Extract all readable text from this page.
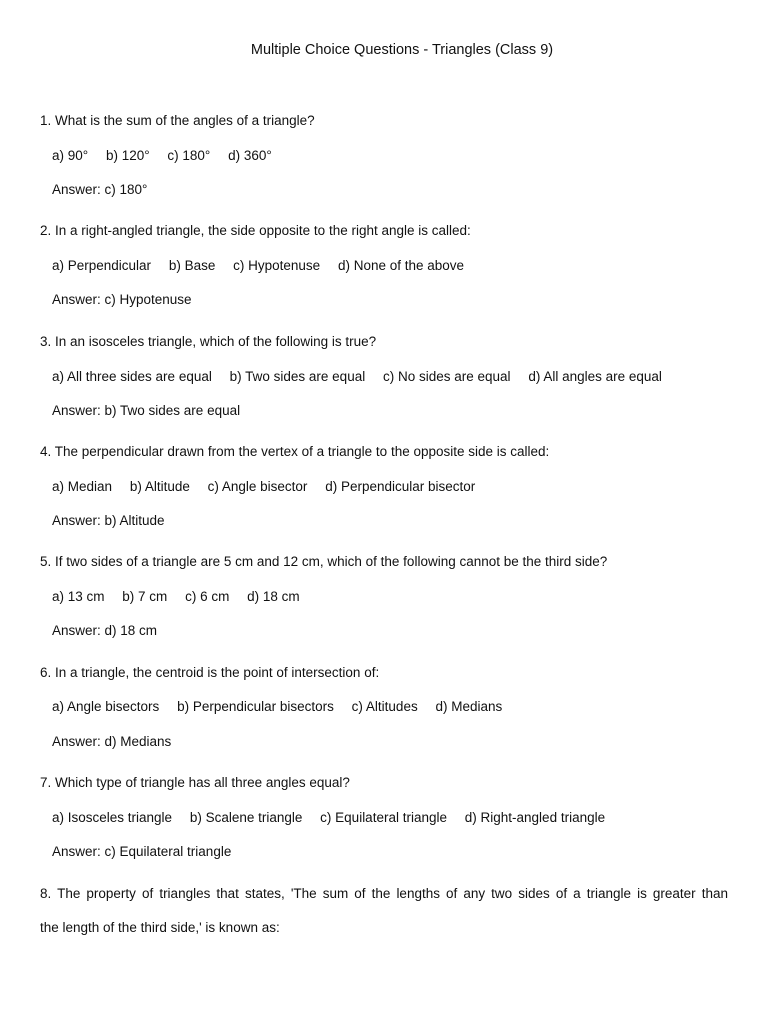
Multiple Choice Questions - Triangles (Class 9)
1. What is the sum of the angles of a triangle?
a) 90° b) 120° c) 180° d) 360°
Answer: c) 180°
2. In a right-angled triangle, the side opposite to the right angle is called:
a) Perpendicular b) Base c) Hypotenuse d) None of the above
Answer: c) Hypotenuse
3. In an isosceles triangle, which of the following is true?
a) All three sides are equal b) Two sides are equal c) No sides are equal d) All angles are equal
Answer: b) Two sides are equal
4. The perpendicular drawn from the vertex of a triangle to the opposite side is called:
a) Median b) Altitude c) Angle bisector d) Perpendicular bisector
Answer: b) Altitude
5. If two sides of a triangle are 5 cm and 12 cm, which of the following cannot be the third side?
a) 13 cm b) 7 cm c) 6 cm d) 18 cm
Answer: d) 18 cm
6. In a triangle, the centroid is the point of intersection of:
a) Angle bisectors b) Perpendicular bisectors c) Altitudes d) Medians
Answer: d) Medians
7. Which type of triangle has all three angles equal?
a) Isosceles triangle b) Scalene triangle c) Equilateral triangle d) Right-angled triangle
Answer: c) Equilateral triangle
8. The property of triangles that states, 'The sum of the lengths of any two sides of a triangle is greater than
the length of the third side,' is known as:
